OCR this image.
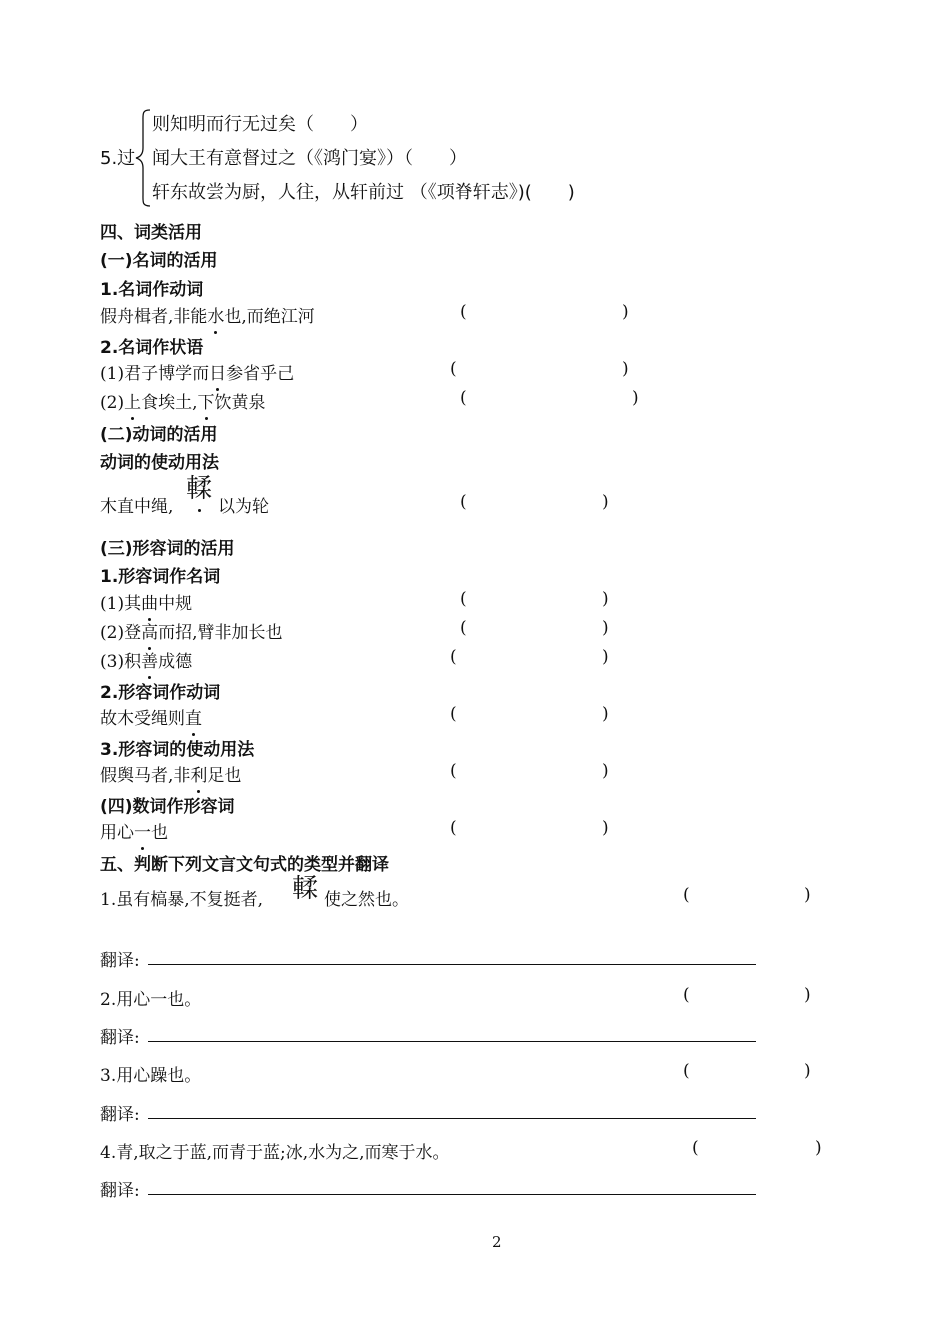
5.过
则知明而行无过矣（　　）
闻大王有意督过之（《鸿门宴》）（　　）
轩东故尝为厨，人往，从轩前过 （《项脊轩志》)(　　)
四、词类活用
(一)名词的活用
1.名词作动词
假舟楫者,非能水也,而绝江河	(	)
2.名词作状语
(1)君子博学而日参省乎己	(	)
(2)上食埃土,下饮黄泉	(	)
(二)动词的活用
动词的使动用法
木直中绳,
輮
以为轮	(	)
(三)形容词的活用
1.形容词作名词
(1)其曲中规	(	)
(2)登高而招,臂非加长也	(	)
(3)积善成德	(	)
2.形容词作动词
故木受绳则直	(	)
3.形容词的使动用法
假舆马者,非利足也	(	)
(四)数词作形容词
用心一也	(	)
五、判断下列文言文句式的类型并翻译
1.虽有槁暴,不复挺者, 輮 使之然也。	(	)
翻译:
2.用心一也。	(	)
翻译:
3.用心躁也。	(	)
翻译:
4.青,取之于蓝,而青于蓝;冰,水为之,而寒于水。	(	)
翻译:
2
